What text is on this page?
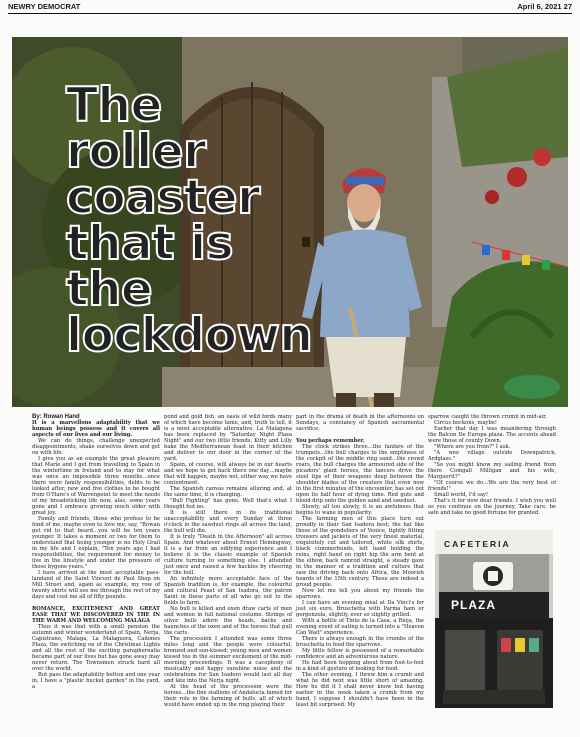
NEWRY DEMOCRAT	April 6, 2021 27
The
roller
coaster
that is
the
lockdown

By: Rowan Hand

It is a marvellous adaptability that we human beings possess and it covers all aspects of our lives and our living.

We can do things, challenge unexpected disappointments, shake ourselves down and get on with life.

I give you as an example the great pleasure that Marie and I get from travelling to Spain in the wintertime in Ireland and to stay for what was once an impossible three months…once there were family responsibilities, debts to be looked after, new and five clothes to be bought from O'Hare's of Warrenpoint to meet the needs of my breadsticking life now, alas, some years gone and I embrace growing much older with great joy.

Family and friends, those who profess to be fond of me, maybe even to love me, say, "Rowan get rid to that beard…you will be ten years younger. It takes a moment or two for them to understand that being younger is no Holy Grail in my life and I explain, "Ten years ago I had responsibilities, the requirement for money to live in the lifestyle and under the pressure of those bygone years."

I have arrived at the most acceptable pass-landand of the Saint Vincent de Paul Shop on Mill Street and, again as example, my row of twenty shirts will see me through the rest of my days and cost me all of fifty pounds.

ROMANCE, EXCITEMENT AND GREAT EASE THAT WE DISCOVERED IN THE IN THE WARM AND WELCOMING MALAGA

Thus it was that with a small pension the autumn and winter wonderland of Spain, Nerja, Capistrano, Malaga, La Malaguera, Cañones Plaza, the switching on of the Christmas Lights and all the rest of the exciting paraphernalia became part of our lives but has gone away may never return. The Townsmen struck hard all over the world.

But pass the adaptability button and one year in, I have a "plastic bucket garden" in the yard, a

pond and gold fish, an oasis of wild birds many of which have become tame, and, truth to tell, it is a most acceptable alternative. La Malagena has been replaced by "Saturday Night Plaza Night" and our two little friends, Kitty and Lilly bake the Mediterranean feast in their kitchen and deliver to our door in the corner of the yard.

Spain, of course, will always be in our hearts and we hope to get back there one day…maybe that will happen, maybe not, either way we have contentment.

The Spanish canvas remains alluring and, at the same time, it is changing.

"Bull Fighting" has gone. Well that's what I thought but no.

It is still there in its traditional unacceptability and every Sunday at three o'clock in the sawdust rings all across the land, the bull will die.

It is truly "Death in the Afternoon" all across Spain. And whatever about Ernest Hemingway, it is a far from an edifying experience and I believe it is the classic example of Spanish culture turning to something else. I attended just once and raised a few hackles by cheering for the bull.

An infinitely more acceptable face of the Spanish tradition is, for example, the colourful and cultural Feast of San Isadora, the patron Saint in these parts of all who go out to the fields to farm.

No bull is killed and oxen draw carts of men and women in full national costume. Strings of silver bells adorn the heads, backs and haunches of the oxen and of the horses that pull the carts.

The procession I attended was some three miles long and the people were colourful, bronzed and sun-kissed; young men and women kissed too in the summer excitement of the mid-morning proceedings. It was a cacophony of musicality and happy sunshine noise and the celebrations for San Isadoro would last all day and late into the Nerja night.

At the head of the procession were the horses…the fine stallions of Andalucia famed for their role in the farming of bulls, all of which would have ended up in the ring playing their

part in the drama of death in the afternoons on Sundays, a constancy of Spanish sacramental sacrifice.

You perhaps remember.

The clock strikes three…the fanfare of the trumpets…the bull charges to the emptiness of the cockpit of the middle ring sand…the crowd roars, the bull charges the armoured side of the picadors' giant horses, the lancers drive the steel tips of their weapons deep between the shoulder blades of the creature that even now in the first minutes of the encounter, has set out upon its half hour of dying time. Red guts and blood drip onto the golden sand and sawdust.

Slowly, all too slowly, it is an awfulness that begins to wane in popularity.

The farming men of this place turn out proudly in their San Isadora best; the hat like those of the gondoliers of Venice, tightly fitting trousers and jackets of the very finest material, exquisitely cut and tailored, white silk shirts, black cummerbunds, left hand holding the reins, right hand on right hip the arm bent at the elbow, back ramrod straight, a steady gaze in the manner of a tradition and culture that saw the driving back onto Africa, the Moorish hoards of the 15th century. These are indeed a proud people.

Now let me tell you about my friends the sparrows.

I can have an evening meal at Da Vinci's for just six euro. Bruschetta with Parma ham or gorgonzola, slightly, ever so slightly grilled.

With a bottle of Tinto de la Casa, a Rioja, the evening event of eating is turned into a "Heaven Can Wait" experience.

There is always enough in the crumbs of the bruschetta to feed the sparrows.

My little fellow is possessed of a remarkable confidence and an adventurous nature.

He had been hopping about from foot-to-foot in a kind of gesture of looking for food.

The other evening, I threw him a crumb and what he did next was little short of amazing. How he did it I shall never know but having earlier in the week taken a crumb from my hand, I suppose I shouldn't have been in the least bit surprised. My

sparrow caught the thrown crumb in mid-air.

Circus beckons, maybe!

Earlier that day I was meandering through the Balcon De Europa plaza. The accents ahead were those of county Down.

"Where are you from?" I ask.

"A wee village outside Downpatrick, Ardglass."

"So you might know my sailing friend from there Comgall Milligan and his wife, Marguerit?"

"Of course we do…We are the very best of friends!"

Small world, I'd say!

That's it for now dear friends. I wish you well as you continue on the journey. Take care, be safe and take no good fortune for granted.

CAFETERIA
PLAZA
